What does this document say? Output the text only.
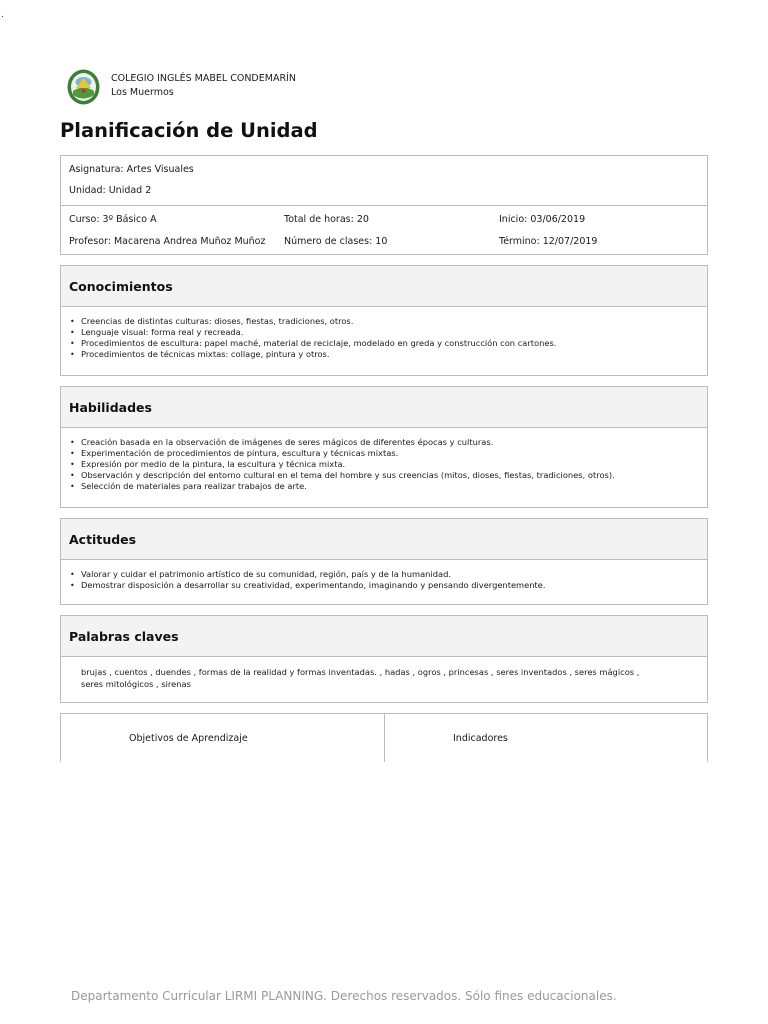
.
COLEGIO INGLÉS MABEL CONDEMARÍN
Los Muermos
Planificación de Unidad
Asignatura: Artes Visuales
Unidad: Unidad 2
Curso: 3º Básico A
Profesor: Macarena Andrea Muñoz Muñoz
Total de horas: 20
Número de clases: 10
Inicio: 03/06/2019
Término: 12/07/2019
Conocimientos
• Creencias de distintas culturas: dioses, fiestas, tradiciones, otros.
• Lenguaje visual: forma real y recreada.
• Procedimientos de escultura: papel maché, material de reciclaje, modelado en greda y construcción con cartones.
• Procedimientos de técnicas mixtas: collage, pintura y otros.
Habilidades
• Creación basada en la observación de imágenes de seres mágicos de diferentes épocas y culturas.
• Experimentación de procedimientos de pintura, escultura y técnicas mixtas.
• Expresión por medio de la pintura, la escultura y técnica mixta.
• Observación y descripción del entorno cultural en el tema del hombre y sus creencias (mitos, dioses, fiestas, tradiciones, otros).
• Selección de materiales para realizar trabajos de arte.
Actitudes
• Valorar y cuidar el patrimonio artístico de su comunidad, región, país y de la humanidad.
• Demostrar disposición a desarrollar su creatividad, experimentando, imaginando y pensando divergentemente.
Palabras claves
brujas , cuentos , duendes , formas de la realidad y formas inventadas. , hadas , ogros , princesas , seres inventados , seres mágicos ,
seres mitológicos , sirenas
Objetivos de Aprendizaje	Indicadores
Departamento Curricular LIRMI PLANNING. Derechos reservados. Sólo fines educacionales.
